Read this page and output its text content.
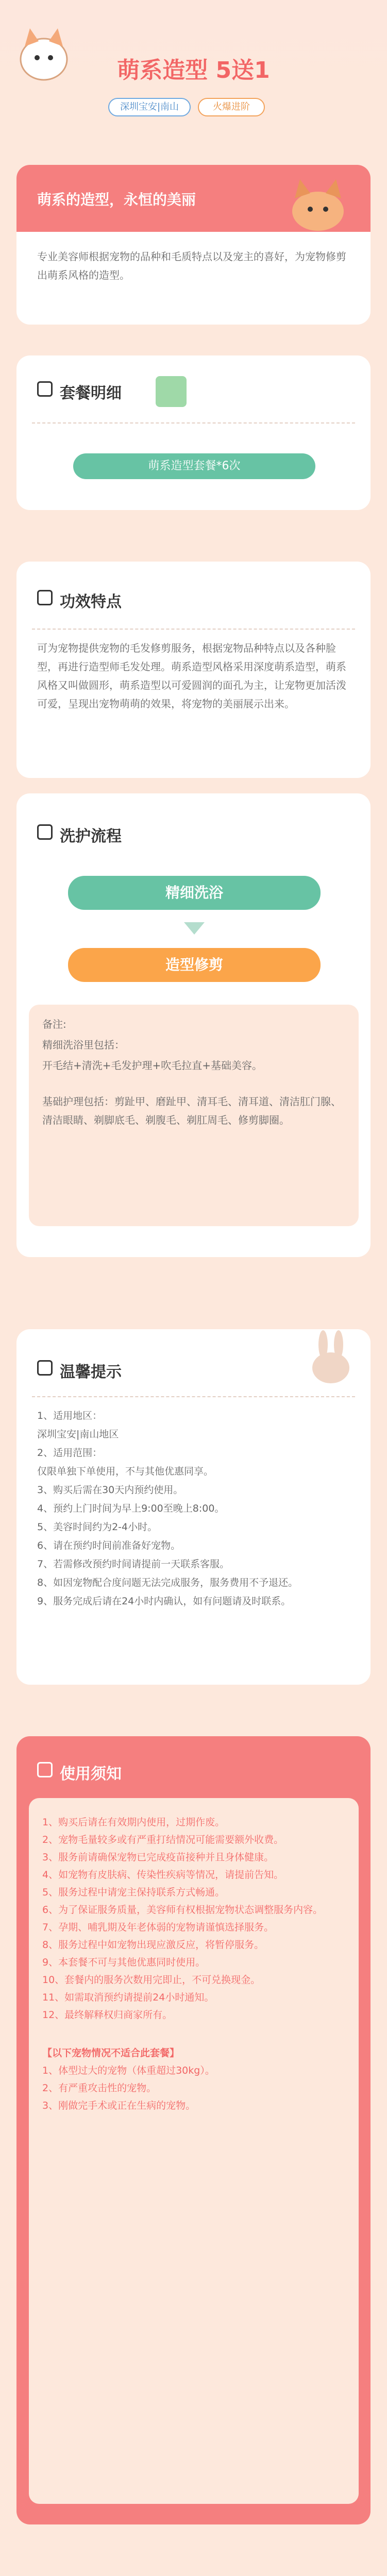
萌系造型 5送1
深圳宝安|南山	火爆进阶
萌系的造型，永恒的美丽
专业美容师根据宠物的品种和毛质特点以及宠主的喜好，为宠物修剪出萌系风格的造型。
套餐明细
萌系造型套餐*6次
功效特点
可为宠物提供宠物的毛发修剪服务，根据宠物品种特点以及各种脸型，再进行造型师毛发处理。萌系造型风格采用深度萌系造型，萌系风格又叫做圆形，萌系造型以可爱圆润的面孔为主，让宠物更加活泼可爱，呈现出宠物萌萌的效果，将宠物的美丽展示出来。
洗护流程
精细洗浴
造型修剪
备注:
精细洗浴里包括：
开毛结+清洗+毛发护理+吹毛拉直+基础美容。
基础护理包括：剪趾甲、磨趾甲、清耳毛、清耳道、清洁肛门腺、清洁眼睛、剃脚底毛、剃腹毛、剃肛周毛、修剪脚圈。
温馨提示
1、适用地区：
深圳宝安|南山地区
2、适用范围：
仅限单独下单使用，不与其他优惠同享。
3、购买后需在30天内预约使用。
4、预约上门时间为早上9:00至晚上8:00。
5、美容时间约为2-4小时。
6、请在预约时间前准备好宠物。
7、若需修改预约时间请提前一天联系客服。
8、如因宠物配合度问题无法完成服务，服务费用不予退还。
9、服务完成后请在24小时内确认，如有问题请及时联系。
使用须知
1、购买后请在有效期内使用，过期作废。
2、宠物毛量较多或有严重打结情况可能需要额外收费。
3、服务前请确保宠物已完成疫苗接种并且身体健康。
4、如宠物有皮肤病、传染性疾病等情况，请提前告知。
5、服务过程中请宠主保持联系方式畅通。
6、为了保证服务质量，美容师有权根据宠物状态调整服务内容。
7、孕期、哺乳期及年老体弱的宠物请谨慎选择服务。
8、服务过程中如宠物出现应激反应，将暂停服务。
9、本套餐不可与其他优惠同时使用。
10、套餐内的服务次数用完即止，不可兑换现金。
11、如需取消预约请提前24小时通知。
12、最终解释权归商家所有。
【以下宠物情况不适合此套餐】
1、体型过大的宠物（体重超过30kg）。
2、有严重攻击性的宠物。
3、刚做完手术或正在生病的宠物。
